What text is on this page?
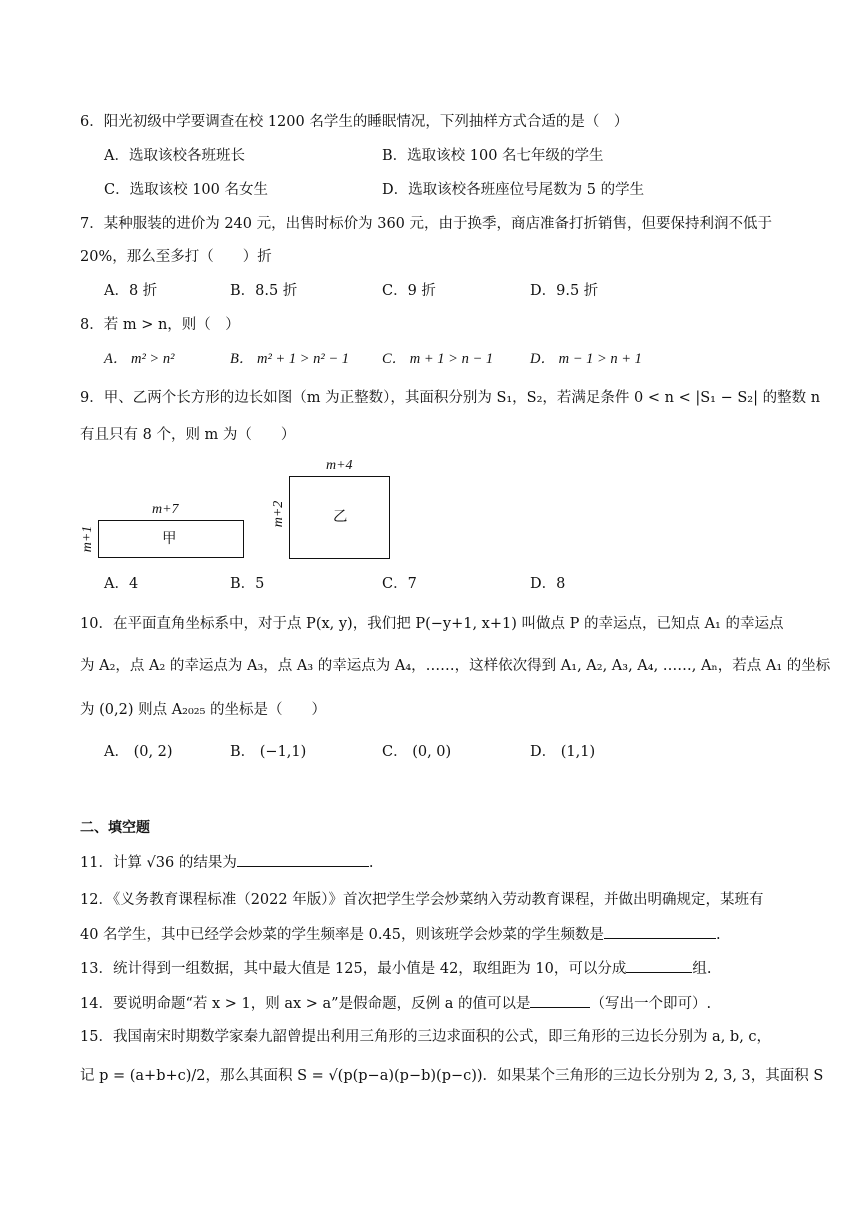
6．阳光初级中学要调查在校 1200 名学生的睡眠情况，下列抽样方式合适的是（　）
A．选取该校各班班长	B．选取该校 100 名七年级的学生
C．选取该校 100 名女生	D．选取该校各班座位号尾数为 5 的学生
7．某种服装的进价为 240 元，出售时标价为 360 元，由于换季，商店准备打折销售，但要保持利润不低于
20%，那么至多打（　　）折
A．8 折	B．8.5 折	C．9 折	D．9.5 折
8．若 m > n，则（　）
A． m² > n²	B． m² + 1 > n² − 1 C． m + 1 > n − 1	D． m − 1 > n + 1
9．甲、乙两个长方形的边长如图（m 为正整数），其面积分别为 S₁，S₂，若满足条件 0 < n < |S₁ − S₂| 的整数 n
有且只有 8 个，则 m 为（　　）
m+7
m+1	甲
m+4
m+2	乙
A．4	B．5	C．7	D．8
10．在平面直角坐标系中，对于点 P(x, y)，我们把 P(−y+1, x+1) 叫做点 P 的幸运点，已知点 A₁ 的幸运点
为 A₂，点 A₂ 的幸运点为 A₃，点 A₃ 的幸运点为 A₄，……，这样依次得到 A₁, A₂, A₃, A₄, ……, Aₙ，若点 A₁ 的坐标
为 (0,2) 则点 A₂₀₂₅ 的坐标是（　　）
A． (0, 2)	B． (−1,1)	C． (0, 0)	D． (1,1)
二、填空题
11．计算 √36 的结果为	.
12．《义务教育课程标准（2022 年版）》首次把学生学会炒菜纳入劳动教育课程，并做出明确规定，某班有
40 名学生，其中已经学会炒菜的学生频率是 0.45，则该班学会炒菜的学生频数是	.
13．统计得到一组数据，其中最大值是 125，最小值是 42，取组距为 10，可以分成	组.
14．要说明命题“若 x > 1，则 ax > a”是假命题，反例 a 的值可以是	（写出一个即可）.
15．我国南宋时期数学家秦九韶曾提出利用三角形的三边求面积的公式，即三角形的三边长分别为 a, b, c，
记 p = (a+b+c)/2，那么其面积 S = √(p(p−a)(p−b)(p−c))．如果某个三角形的三边长分别为 2, 3, 3，其面积 S
